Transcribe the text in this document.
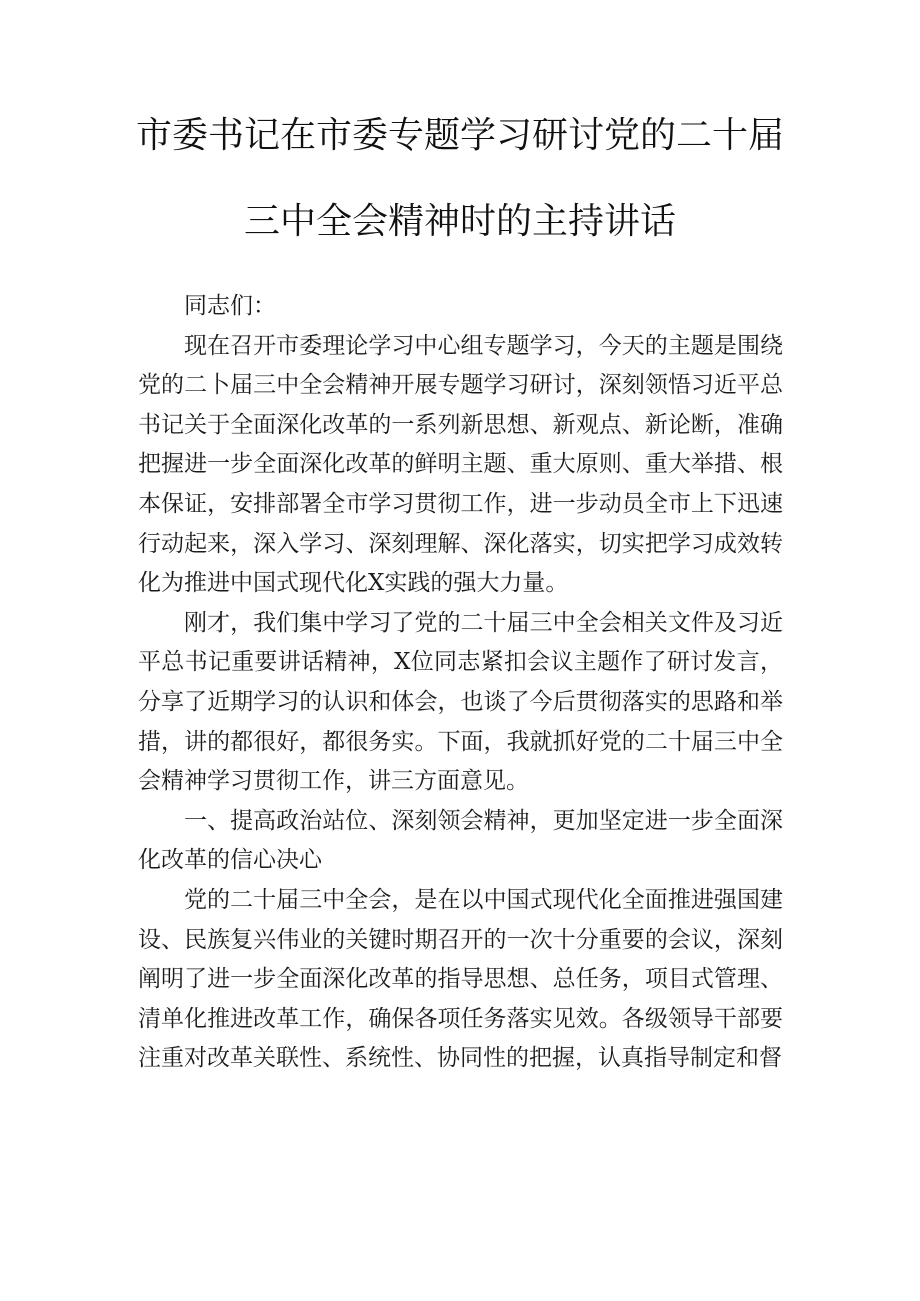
市委书记在市委专题学习研讨党的二十届
三中全会精神时的主持讲话

同志们：

现在召开市委理论学习中心组专题学习，今天的主题是围绕党的二卜届三中全会精神开展专题学习研讨，深刻领悟习近平总书记关于全面深化改革的一系列新思想、新观点、新论断，准确把握进一步全面深化改革的鲜明主题、重大原则、重大举措、根本保证，安排部署全市学习贯彻工作，进一步动员全市上下迅速行动起来，深入学习、深刻理解、深化落实，切实把学习成效转化为推进中国式现代化X实践的强大力量。

刚才，我们集中学习了党的二十届三中全会相关文件及习近平总书记重要讲话精神，X位同志紧扣会议主题作了研讨发言，分享了近期学习的认识和体会，也谈了今后贯彻落实的思路和举措，讲的都很好，都很务实。下面，我就抓好党的二十届三中全会精神学习贯彻工作，讲三方面意见。

一、提高政治站位、深刻领会精神，更加坚定进一步全面深化改革的信心决心

党的二十届三中全会，是在以中国式现代化全面推进强国建设、民族复兴伟业的关键时期召开的一次十分重要的会议，深刻阐明了进一步全面深化改革的指导思想、总任务，项目式管理、清单化推进改革工作，确保各项任务落实见效。各级领导干部要注重对改革关联性、系统性、协同性的把握，认真指导制定和督
